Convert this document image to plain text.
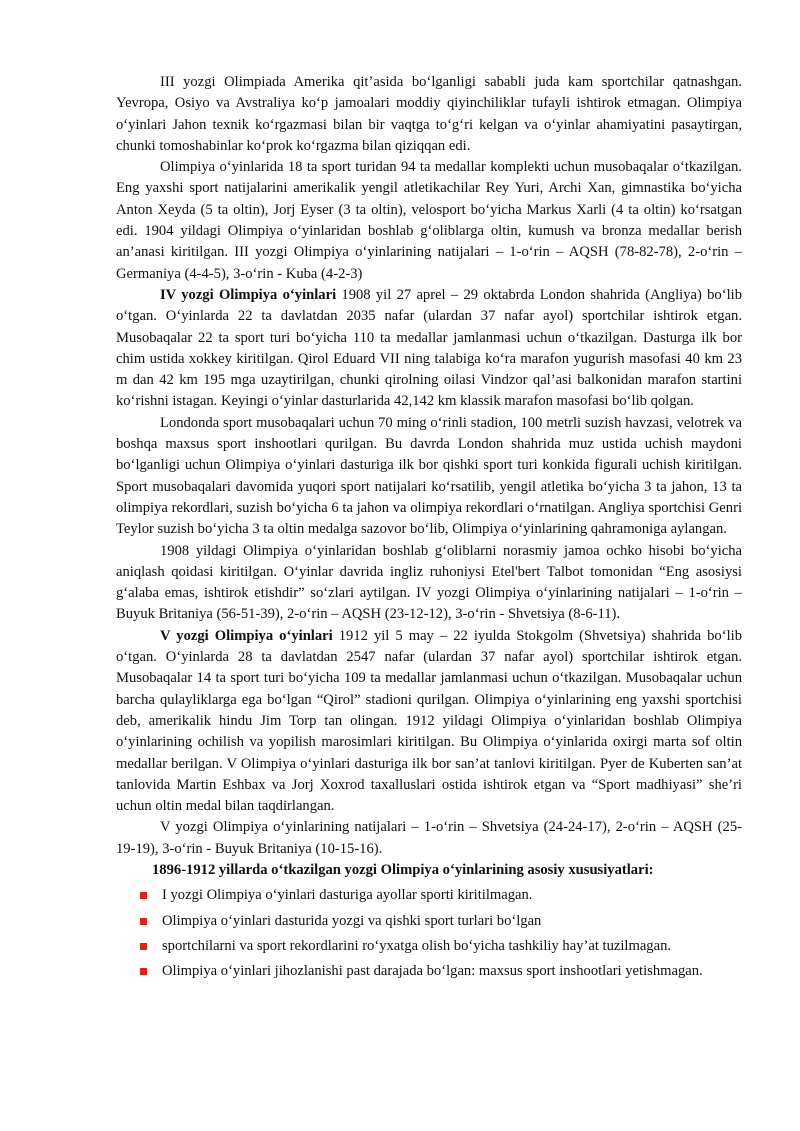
III yozgi Olimpiada Amerika qit’asida bo‘lganligi sababli juda kam sportchilar qatnashgan. Yevropa, Osiyo va Avstraliya ko‘p jamoalari moddiy qiyinchiliklar tufayli ishtirok etmagan. Olimpiya o‘yinlari Jahon texnik ko‘rgazmasi bilan bir vaqtga to‘g‘ri kelgan va o‘yinlar ahamiyatini pasaytirgan, chunki tomoshabinlar ko‘prok ko‘rgazma bilan qiziqqan edi.

Olimpiya o‘yinlarida 18 ta sport turidan 94 ta medallar komplekti uchun musobaqalar o‘tkazilgan. Eng yaxshi sport natijalarini amerikalik yengil atletikachilar Rey Yuri, Archi Xan, gimnastika bo‘yicha Anton Xeyda (5 ta oltin), Jorj Eyser (3 ta oltin), velosport bo‘yicha Markus Xarli (4 ta oltin) ko‘rsatgan edi. 1904 yildagi Olimpiya o‘yinlaridan boshlab g‘oliblarga oltin, kumush va bronza medallar berish an’anasi kiritilgan. III yozgi Olimpiya o‘yinlarining natijalari – 1-o‘rin – AQSH (78-82-78), 2-o‘rin – Germaniya (4-4-5), 3-o‘rin - Kuba (4-2-3)

IV yozgi Olimpiya o‘yinlari 1908 yil 27 aprel – 29 oktabrda London shahrida (Angliya) bo‘lib o‘tgan. O‘yinlarda 22 ta davlatdan 2035 nafar (ulardan 37 nafar ayol) sportchilar ishtirok etgan. Musobaqalar 22 ta sport turi bo‘yicha 110 ta medallar jamlanmasi uchun o‘tkazilgan. Dasturga ilk bor chim ustida xokkey kiritilgan. Qirol Eduard VII ning talabiga ko‘ra marafon yugurish masofasi 40 km 23 m dan 42 km 195 mga uzaytirilgan, chunki qirolning oilasi Vindzor qal’asi balkonidan marafon startini ko‘rishni istagan. Keyingi o‘yinlar dasturlarida 42,142 km klassik marafon masofasi bo‘lib qolgan.

Londonda sport musobaqalari uchun 70 ming o‘rinli stadion, 100 metrli suzish havzasi, velotrek va boshqa maxsus sport inshootlari qurilgan. Bu davrda London shahrida muz ustida uchish maydoni bo‘lganligi uchun Olimpiya o‘yinlari dasturiga ilk bor qishki sport turi konkida figurali uchish kiritilgan. Sport musobaqalari davomida yuqori sport natijalari ko‘rsatilib, yengil atletika bo‘yicha 3 ta jahon, 13 ta olimpiya rekordlari, suzish bo‘yicha 6 ta jahon va olimpiya rekordlari o‘rnatilgan. Angliya sportchisi Genri Teylor suzish bo‘yicha 3 ta oltin medalga sazovor bo‘lib, Olimpiya o‘yinlarining qahramoniga aylangan.

1908 yildagi Olimpiya o‘yinlaridan boshlab g‘oliblarni norasmiy jamoa ochko hisobi bo‘yicha aniqlash qoidasi kiritilgan. O‘yinlar davrida ingliz ruhoniysi Etel'bert Talbot tomonidan “Eng asosiysi g‘alaba emas, ishtirok etishdir” so‘zlari aytilgan. IV yozgi Olimpiya o‘yinlarining natijalari – 1-o‘rin – Buyuk Britaniya (56-51-39), 2-o‘rin – AQSH (23-12-12), 3-o‘rin - Shvetsiya (8-6-11).

V yozgi Olimpiya o‘yinlari 1912 yil 5 may – 22 iyulda Stokgolm (Shvetsiya) shahrida bo‘lib o‘tgan. O‘yinlarda 28 ta davlatdan 2547 nafar (ulardan 37 nafar ayol) sportchilar ishtirok etgan. Musobaqalar 14 ta sport turi bo‘yicha 109 ta medallar jamlanmasi uchun o‘tkazilgan. Musobaqalar uchun barcha qulayliklarga ega bo‘lgan “Qirol” stadioni qurilgan. Olimpiya o‘yinlarining eng yaxshi sportchisi deb, amerikalik hindu Jim Torp tan olingan. 1912 yildagi Olimpiya o‘yinlaridan boshlab Olimpiya o‘yinlarining ochilish va yopilish marosimlari kiritilgan. Bu Olimpiya o‘yinlarida oxirgi marta sof oltin medallar berilgan. V Olimpiya o‘yinlari dasturiga ilk bor san’at tanlovi kiritilgan. Pyer de Kuberten san’at tanlovida Martin Eshbax va Jorj Xoxrod taxalluslari ostida ishtirok etgan va “Sport madhiyasi” she’ri uchun oltin medal bilan taqdirlangan.

V yozgi Olimpiya o‘yinlarining natijalari – 1-o‘rin – Shvetsiya (24-24-17), 2-o‘rin – AQSH (25-19-19), 3-o‘rin - Buyuk Britaniya (10-15-16).

1896-1912 yillarda o‘tkazilgan yozgi Olimpiya o‘yinlarining asosiy xususiyatlari:

I yozgi Olimpiya o‘yinlari dasturiga ayollar sporti kiritilmagan.
Olimpiya o‘yinlari dasturida yozgi va qishki sport turlari bo‘lgan
sportchilarni va sport rekordlarini ro‘yxatga olish bo‘yicha tashkiliy hay’at tuzilmagan.
Olimpiya o‘yinlari jihozlanishi past darajada bo‘lgan: maxsus sport inshootlari yetishmagan.
